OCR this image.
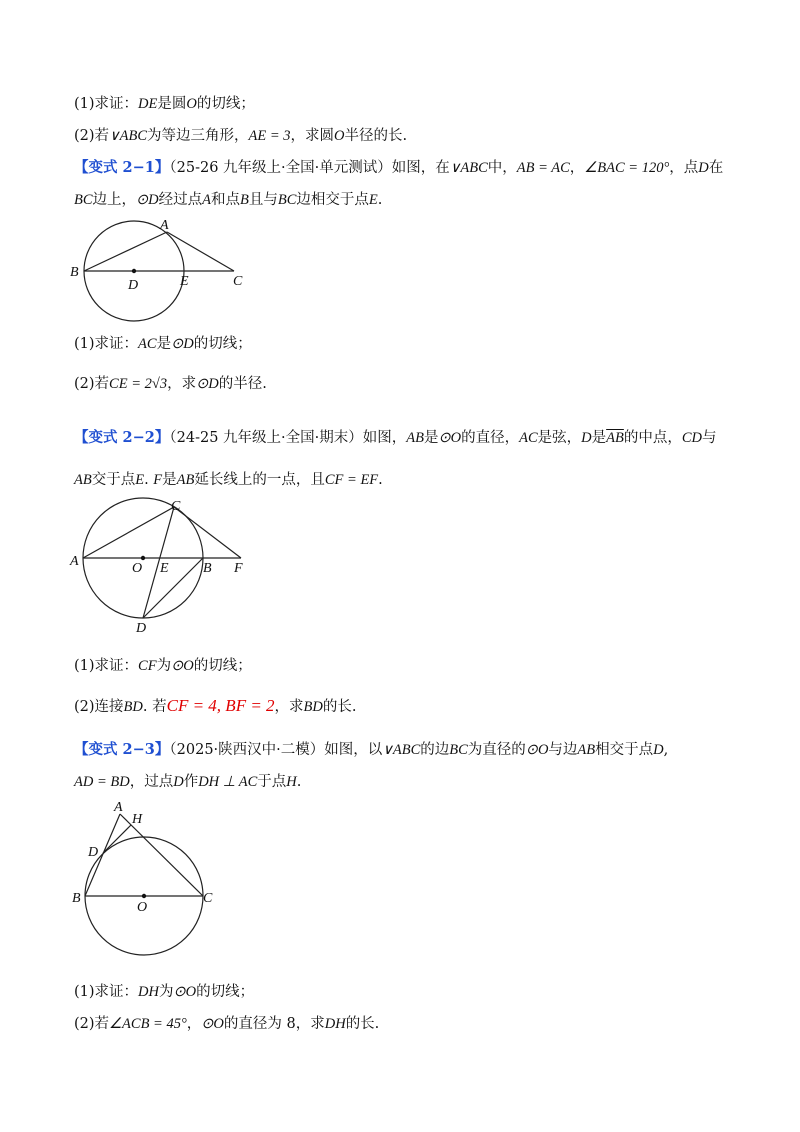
(1)求证：DE是圆O的切线；
(2)若∨ABC为等边三角形，AE = 3，求圆O半径的长.
【变式 2−1】（25-26 九年级上·全国·单元测试）如图，在∨ABC中，AB = AC，∠BAC = 120°，点D在
BC边上，⊙D经过点A和点B且与BC边相交于点E.
A
B
D	E	C
A
C
O E B F
D
A
H
D
B
O
C
(1)求证：AC是⊙D的切线；
(2)若CE = 2√3，求⊙D的半径.
【变式 2−2】（24-25 九年级上·全国·期末）如图，AB是⊙O的直径，AC是弦，D是$\overline{AB}$的中点，CD与
AB交于点E. F是AB延长线上的一点，且CF = EF.
(1)求证：CF为⊙O的切线；
(2)连接BD. 若CF = 4, BF = 2，求BD的长.
【变式 2−3】（2025·陕西汉中·二模）如图，以∨ABC的边BC为直径的⊙O与边AB相交于点D,
AD = BD，过点D作DH ⊥ AC于点H.
(1)求证：DH为⊙O的切线；
(2)若∠ACB = 45°，⊙O的直径为 8，求DH的长.
